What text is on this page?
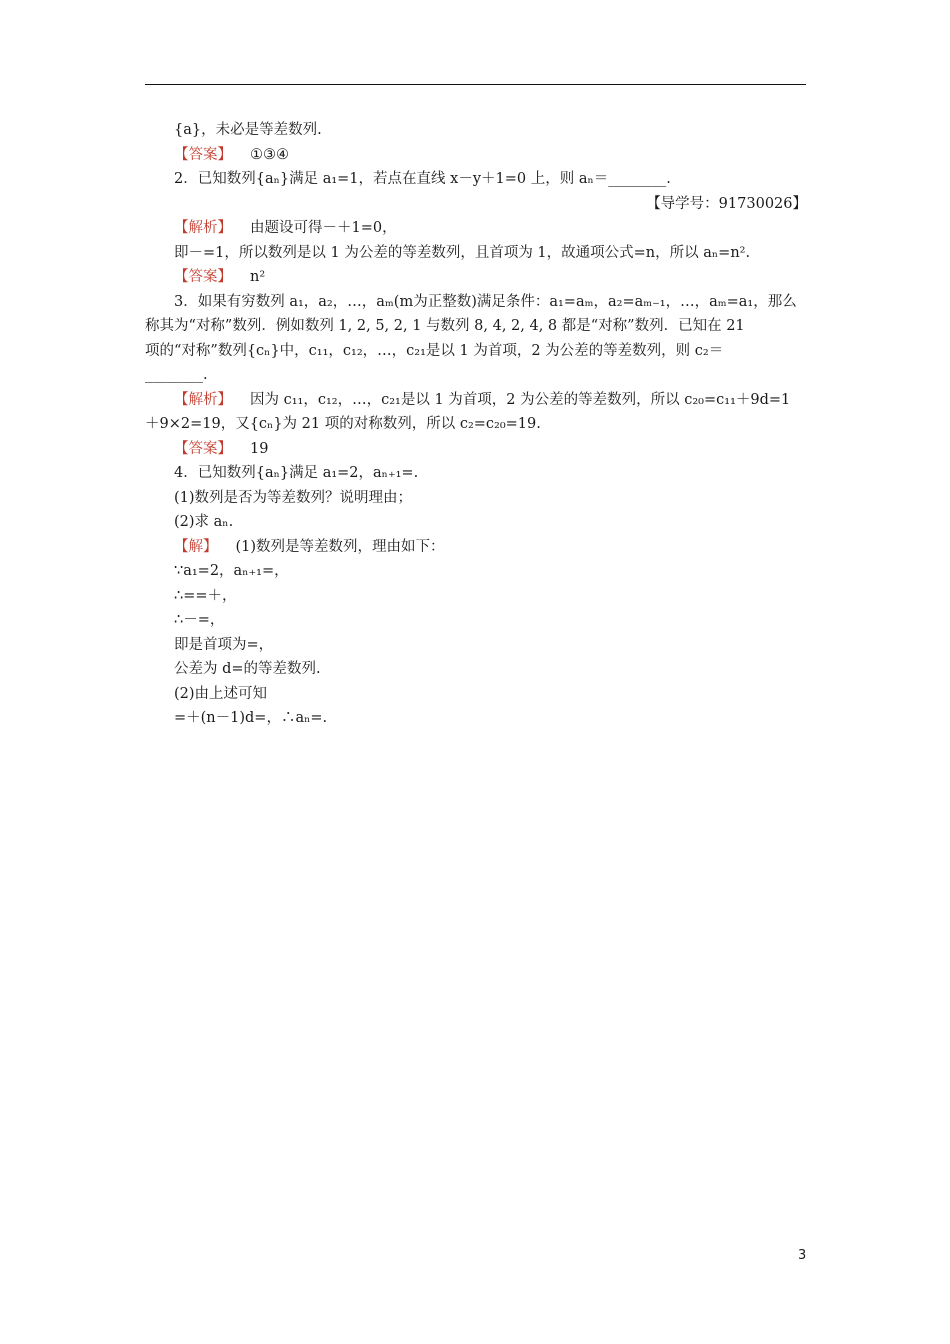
{a}，未必是等差数列.
【答案】 ①③④
2．已知数列{aₙ}满足 a₁=1，若点在直线 x－y＋1=0 上，则 aₙ＝________.
【导学号：91730026】
【解析】 由题设可得－＋1=0，
即－=1，所以数列是以 1 为公差的等差数列，且首项为 1，故通项公式=n，所以 aₙ=n².
【答案】 n²
3．如果有穷数列 a₁，a₂，…，aₘ(m为正整数)满足条件：a₁=aₘ，a₂=aₘ₋₁，…，aₘ=a₁，那么
称其为“对称”数列．例如数列 1, 2, 5, 2, 1 与数列 8, 4, 2, 4, 8 都是“对称”数列．已知在 21
项的“对称”数列{cₙ}中，c₁₁，c₁₂，…，c₂₁是以 1 为首项，2 为公差的等差数列，则 c₂＝
________.
【解析】 因为 c₁₁，c₁₂，…，c₂₁是以 1 为首项，2 为公差的等差数列，所以 c₂₀=c₁₁＋9d=1
＋9×2=19，又{cₙ}为 21 项的对称数列，所以 c₂=c₂₀=19.
【答案】 19
4．已知数列{aₙ}满足 a₁=2，aₙ₊₁=.
(1)数列是否为等差数列？说明理由；
(2)求 aₙ.
【解】 (1)数列是等差数列，理由如下：
∵a₁=2，aₙ₊₁=，
∴==＋，
∴－=，
即是首项为=，
公差为 d=的等差数列.
(2)由上述可知
=＋(n－1)d=，∴aₙ=.
3
